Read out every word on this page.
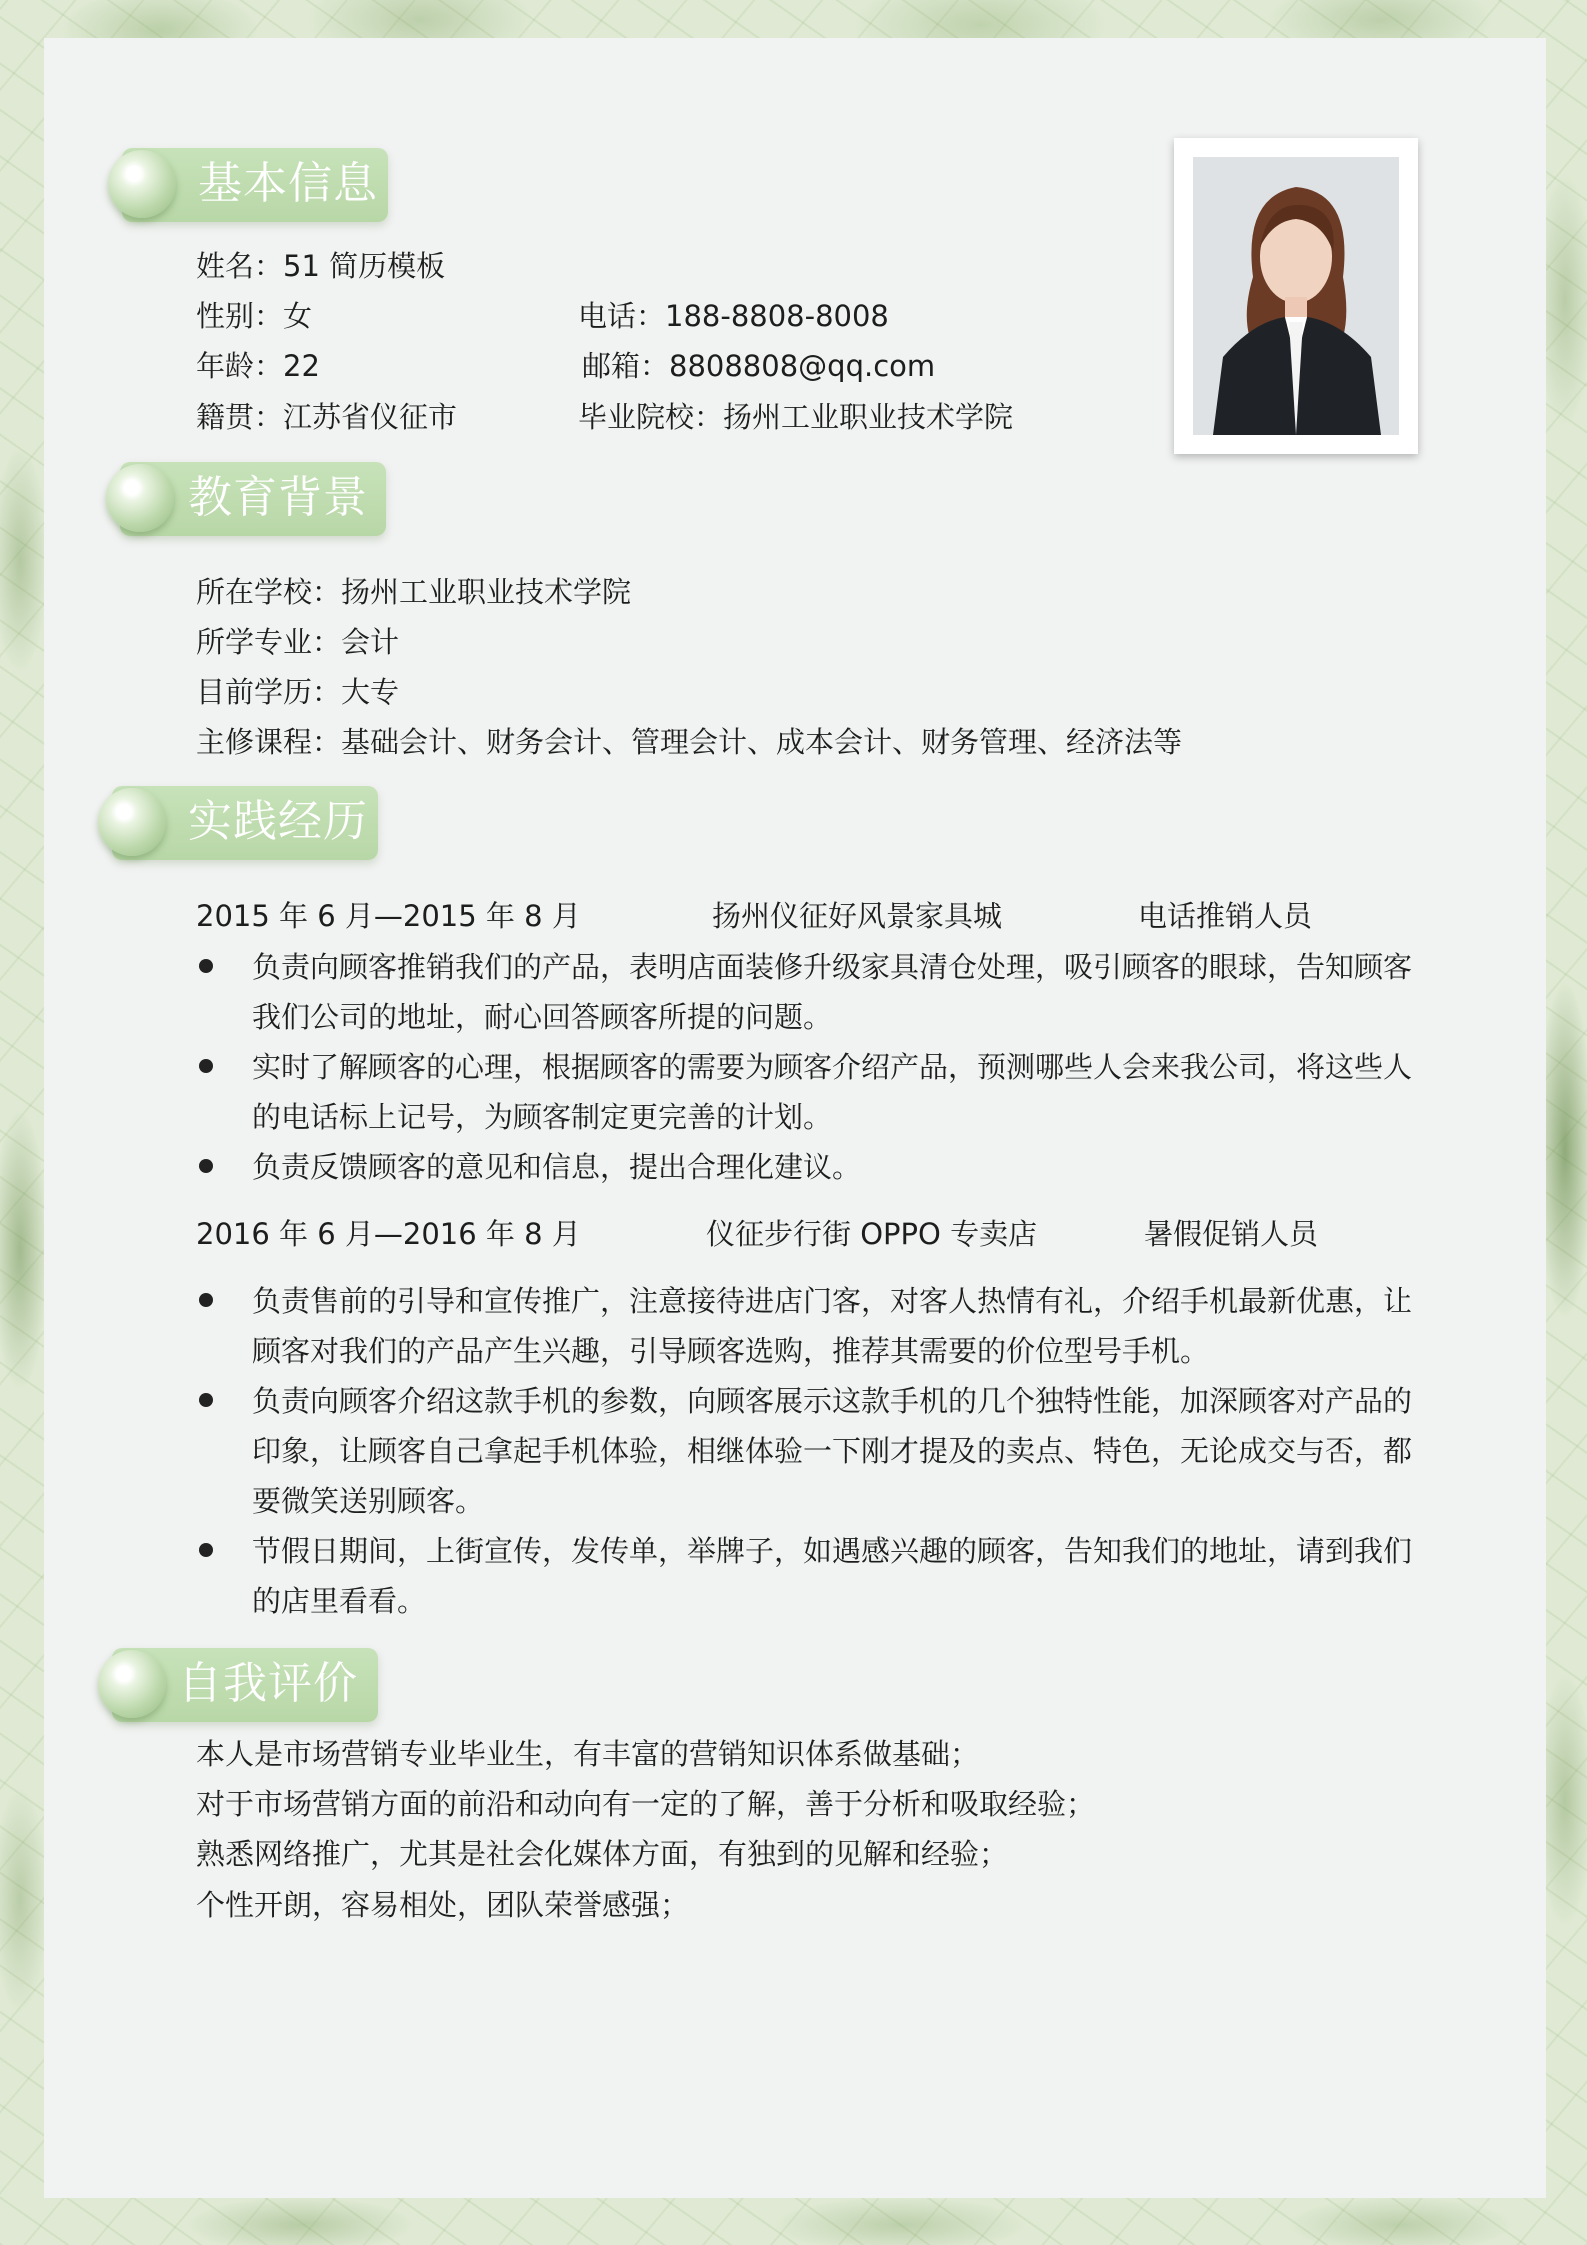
基本信息
姓名：51 简历模板
性别：女	电话：188-8808-8008
年龄：22	邮箱：8808808@qq.com
籍贯：江苏省仪征市	毕业院校：扬州工业职业技术学院
教育背景
所在学校：扬州工业职业技术学院
所学专业：会计
目前学历：大专
主修课程：基础会计、财务会计、管理会计、成本会计、财务管理、经济法等
实践经历
2015 年 6 月—2015 年 8 月	扬州仪征好风景家具城	电话推销人员
负责向顾客推销我们的产品，表明店面装修升级家具清仓处理，吸引顾客的眼球，告知顾客我们公司的地址，耐心回答顾客所提的问题。
实时了解顾客的心理，根据顾客的需要为顾客介绍产品，预测哪些人会来我公司，将这些人的电话标上记号，为顾客制定更完善的计划。
负责反馈顾客的意见和信息，提出合理化建议。
2016 年 6 月—2016 年 8 月	仪征步行街 OPPO 专卖店	暑假促销人员
负责售前的引导和宣传推广，注意接待进店门客，对客人热情有礼，介绍手机最新优惠，让顾客对我们的产品产生兴趣，引导顾客选购，推荐其需要的价位型号手机。
负责向顾客介绍这款手机的参数，向顾客展示这款手机的几个独特性能，加深顾客对产品的印象，让顾客自己拿起手机体验，相继体验一下刚才提及的卖点、特色，无论成交与否，都要微笑送别顾客。
节假日期间，上街宣传，发传单，举牌子，如遇感兴趣的顾客，告知我们的地址，请到我们的店里看看。
自我评价
本人是市场营销专业毕业生，有丰富的营销知识体系做基础；
对于市场营销方面的前沿和动向有一定的了解，善于分析和吸取经验；
熟悉网络推广，尤其是社会化媒体方面，有独到的见解和经验；
个性开朗，容易相处，团队荣誉感强；
